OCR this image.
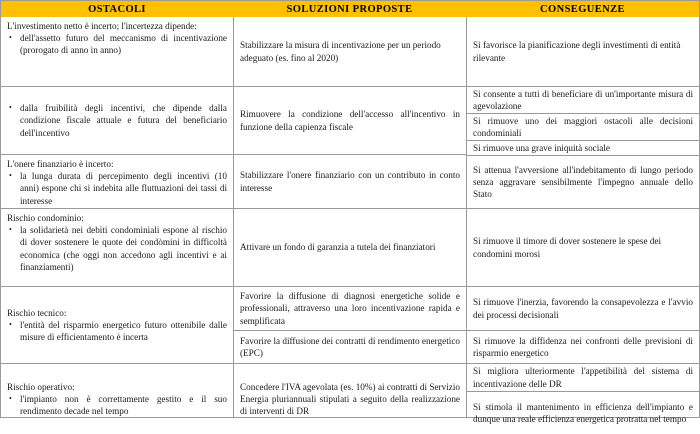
OSTACOLI	SOLUZIONI PROPOSTE	CONSEGUENZE

L'investimento netto è incerto; l'incertezza dipende:

• dell'assetto futuro del meccanismo di incentivazione (prorogato di anno in anno)
• dalla fruibilità degli incentivi, che dipende dalla condizione fiscale attuale e futura del beneficiario dell'incentivo

L'onere finanziario è incerto:

• la lunga durata di percepimento degli incentivi (10 anni) espone chi si indebita alle fluttuazioni dei tassi di interesse

Rischio condominio:

• la solidarietà nei debiti condominiali espone al rischio di dover sostenere le quote dei condòmini in difficoltà economica (che oggi non accedono agli incentivi e ai finanziamenti)

Rischio tecnico:

• l'entità del risparmio energetico futuro ottenibile dalle misure di efficientamento è incerta

Rischio operativo:

• l'impianto non è correttamente gestito e il suo rendimento decade nel tempo

Stabilizzare la misura di incentivazione per un periodo adeguato (es. fino al 2020)

Rimuovere la condizione dell'accesso all'incentivo in funzione della capienza fiscale

Stabilizzare l'onere finanziario con un contributo in conto interesse

Attivare un fondo di garanzia a tutela dei finanziatori

Favorire la diffusione di diagnosi energetiche solide e professionali, attraverso una loro incentivazione rapida e semplificata

Favorire la diffusione dei contratti di rendimento energetico (EPC)

Concedere l'IVA agevolata (es. 10%) ai contratti di Servizio Energia pluriannuali stipulati a seguito della realizzazione di interventi di DR

Si favorisce la pianificazione degli investimenti di entità rilevante

Si consente a tutti di beneficiare di un'importante misura di agevolazione

Si rimuove uno dei maggiori ostacoli alle decisioni condominiali

Si rimuove una grave iniquità sociale

Si attenua l'avversione all'indebitamento di lungo periodo senza aggravare sensibilmente l'impegno annuale dello Stato

Si rimuove il timore di dover sostenere le spese dei condomini morosi

Si rimuove l'inerzia, favorendo la consapevolezza e l'avvio dei processi decisionali

Si rimuove la diffidenza nei confronti delle previsioni di risparmio energetico

Si migliora ulteriormente l'appetibilità del sistema di incentivazione delle DR

Si stimola il mantenimento in efficienza dell'impianto e dunque una reale efficienza energetica protratta nel tempo
